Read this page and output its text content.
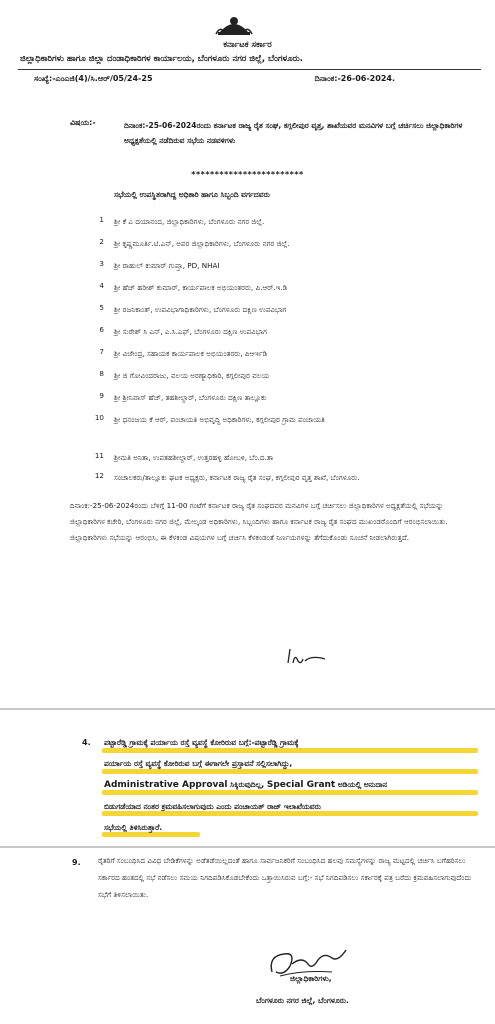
ಕರ್ನಾಟಕ ಸರ್ಕಾರ
ಜಿಲ್ಲಾಧಿಕಾರಿಗಳು ಹಾಗೂ ಜಿಲ್ಲಾ ದಂಡಾಧಿಕಾರಿಗಳ ಕಾರ್ಯಾಲಯ, ಬೆಂಗಳೂರು ನಗರ ಜಿಲ್ಲೆ, ಬೆಂಗಳೂರು.
ಸಂಖ್ಯೆ:-ಎಂಎಜಿ(4)/ಸಿ.ಆರ್/05/24-25	ದಿನಾಂಕ:-26-06-2024.
ವಿಷಯ:-	ದಿನಾಂಕ:-25-06-2024ರಂದು ಕರ್ನಾಟಕ ರಾಜ್ಯ ರೈತ ಸಂಘ, ಕಗ್ಗಲೀಪುರ ವೃತ್ತ, ಶಾಖೆಯವರ ಮನವಿಗಳ ಬಗ್ಗೆ ಚರ್ಚಿಸಲು ಜಿಲ್ಲಾಧಿಕಾರಿಗಳ ಅಧ್ಯಕ್ಷತೆಯಲ್ಲಿ ನಡೆದಿರುವ ಸಭೆಯ ನಡವಳಿಗಳು
************************
ಸಭೆಯಲ್ಲಿ ಉಪಸ್ಥಿತರಾಗಿದ್ದ ಅಧಿಕಾರಿ ಹಾಗೂ ಸಿಬ್ಬಂದಿ ವರ್ಗದವರು
1 ಶ್ರೀ ಕೆ ಎ ದಯಾನಂದ, ಜಿಲ್ಲಾಧಿಕಾರಿಗಳು, ಬೆಂಗಳೂರು ನಗರ ಜಿಲ್ಲೆ.
2 ಶ್ರೀ ಕೃಷ್ಣಮೂರ್ತಿ.ಟಿ.ಎನ್, ಅಪರ ಜಿಲ್ಲಾಧಿಕಾರಿಗಳು, ಬೆಂಗಳೂರು ನಗರ ಜಿಲ್ಲೆ.
3 ಶ್ರೀ ರಾಹುಲ್ ಕುಮಾರ್ ಗುಪ್ತಾ, PD, NHAI
4 ಶ್ರೀ ಹೆಚ್ ಹರೀಶ್ ಕುಮಾರ್, ಕಾರ್ಯಪಾಲಕ ಅಭಿಯಂತರರು, ಪಿ.ಆರ್.ಇ.ಡಿ
5 ಶ್ರೀ ರಜನಿಕಾಂತ್, ಉಪವಿಭಾಗಾಧಿಕಾರಿಗಳು, ಬೆಂಗಳೂರು ದಕ್ಷಿಣ ಉಪವಿಭಾಗ
6 ಶ್ರೀ ಸುರೇಶ್ ಸಿ ಎನ್, ಎ.ಸಿ.ಎಫ್, ಬೆಂಗಳೂರು ದಕ್ಷಿಣ ಉಪವಿಭಾಗ
7 ಶ್ರೀ ವಿಜೇಂದ್ರ, ಸಹಾಯಕ ಕಾರ್ಯಪಾಲಕ ಅಭಿಯಂತರರು, ಪಿಆರ್ಇಡಿ
8 ಶ್ರೀ ಜಿ ಗೋವಿಂದರಾಜು, ವಲಯ ಅರಣ್ಯಾಧಿಕಾರಿ, ಕಗ್ಗಲೀಪುರ ವಲಯ
9 ಶ್ರೀ ಶ್ರೀನಿವಾಸ್ ಹೆಚ್, ತಹಶೀಲ್ದಾರ್, ಬೆಂಗಳೂರು ದಕ್ಷಿಣ ತಾಲ್ಲೂಕು
10 ಶ್ರೀ ಧನಂಜಯ ಕೆ ಆರ್, ಪಂಚಾಯತಿ ಅಭಿವೃದ್ಧಿ ಅಧಿಕಾರಿಗಳು, ಕಗ್ಗಲೀಪುರ ಗ್ರಾಮ ಪಂಚಾಯತಿ
11 ಶ್ರೀಮತಿ ಅನಿತಾ, ಉಪತಹಶೀಲ್ದಾರ್, ಉತ್ತರಹಳ್ಳಿ ಹೋಬಳಿ, ಬೆಂ.ದ.ತಾ
12 ಸಂಚಾಲಕರು/ತಾಲ್ಲೂಕು ಘಟಕ ಅಧ್ಯಕ್ಷರು, ಕರ್ನಾಟಕ ರಾಜ್ಯ ರೈತ ಸಂಘ, ಕಗ್ಗಲೀಪುರ ವೃತ್ತ ಶಾಖೆ, ಬೆಂಗಳೂರು.
ದಿನಾಂಕ:-25-06-2024ರಂದು ಬೆಳಿಗ್ಗೆ 11-00 ಗಂಟೆಗೆ ಕರ್ನಾಟಕ ರಾಜ್ಯ ರೈತ ಸಂಘದವರ ಮನವಿಗಳ ಬಗ್ಗೆ ಚರ್ಚಿಸಲು ಜಿಲ್ಲಾಧಿಕಾರಿಗಳ ಅಧ್ಯಕ್ಷತೆಯಲ್ಲಿ ಸಭೆಯನ್ನು ಜಿಲ್ಲಾಧಿಕಾರಿಗಳ ಕಚೇರಿ, ಬೆಂಗಳೂರು ನಗರ ಜಿಲ್ಲೆ, ಮೇಲ್ಕಂಡ ಅಧಿಕಾರಿಗಳು, ಸಿಬ್ಬಂದಿಗಳು ಹಾಗೂ ಕರ್ನಾಟಕ ರಾಜ್ಯ ರೈತ ಸಂಘದ ಮುಖಂಡರೊಂದಿಗೆ ಆರಂಭಿಸಲಾಯಿತು. ಜಿಲ್ಲಾಧಿಕಾರಿಗಳು ಸಭೆಯನ್ನು ಆರಂಭಿಸಿ, ಈ ಕೆಳಕಂಡ ವಿಷಯಗಳ ಬಗ್ಗೆ ಚರ್ಚಿಸಿ ಕೆಳಕಂಡಂತೆ ನಿರ್ಣಯಗಳನ್ನು ತೆಗೆದುಕೊಂಡು ಸೂಚನೆ ನೀಡಲಾಗಿರುತ್ತದೆ.
4. ಪಟ್ಟಾರೆಡ್ಡಿ ಗ್ರಾಮಕ್ಕೆ ಪರ್ಯಾಯ ರಸ್ತೆ ವ್ಯವಸ್ಥೆ ಕೋರಿರುವ ಬಗ್ಗೆ:-ಪಟ್ಟಾರೆಡ್ಡಿ ಗ್ರಾಮಕ್ಕೆ
ಪರ್ಯಾಯ ರಸ್ತೆ ವ್ಯವಸ್ಥೆ ಕೋರಿರುವ ಬಗ್ಗೆ ಈಗಾಗಲೇ ಪ್ರಸ್ತಾವನೆ ಸಲ್ಲಿಸಲಾಗಿದ್ದು,
Administrative Approval ಸಿಕ್ಕಿರುವುದಿಲ್ಲ, Special Grant ಅಡಿಯಲ್ಲಿ ಅನುದಾನ
ಬಿಡುಗಡೆಯಾದ ನಂತರ ಕ್ರಮವಹಿಸಲಾಗುವುದು ಎಂದು ಪಂಚಾಯತ್ ರಾಜ್ ಇಲಾಖೆಯವರು
ಸಭೆಯಲ್ಲಿ ತಿಳಿಸಿರುತ್ತಾರೆ.
9. ರೈತರಿಗೆ ಸಂಬಂಧಿಸಿದ ವಿವಿಧ ಬೇಡಿಕೆಗಳನ್ನು ಅಡೆತಡೆಯಿಲ್ಲದಂತೆ ಹಾಗೂ ಸಾರ್ವಜನಿಕರಿಗೆ ಸಂಬಂಧಿಸಿದ ಹಲವು ಸಮಸ್ಯೆಗಳನ್ನು ರಾಜ್ಯ ಮಟ್ಟದಲ್ಲಿ ಚರ್ಚಿಸಿ ಬಗೆಹರಿಸಲು ಸರ್ಕಾರದ ಹಂತದಲ್ಲಿ ಸಭೆ ನಡೆಸಲು ಸಮಯ ನಿಗದಿಪಡಿಸಿಕೊಡಬೇಕೆಂದು ಒತ್ತಾಯಿಸಿರುವ ಬಗ್ಗೆ:- ಸಭೆ ನಿಗದಿಪಡಿಸಲು ಸರ್ಕಾರಕ್ಕೆ ಪತ್ರ ಬರೆದು ಕ್ರಮವಹಿಸಲಾಗುವುದೆಂದು ಸಭೆಗೆ ತಿಳಿಸಲಾಯಿತು.
ಜಿಲ್ಲಾಧಿಕಾರಿಗಳು,
ಬೆಂಗಳೂರು ನಗರ ಜಿಲ್ಲೆ, ಬೆಂಗಳೂರು.
